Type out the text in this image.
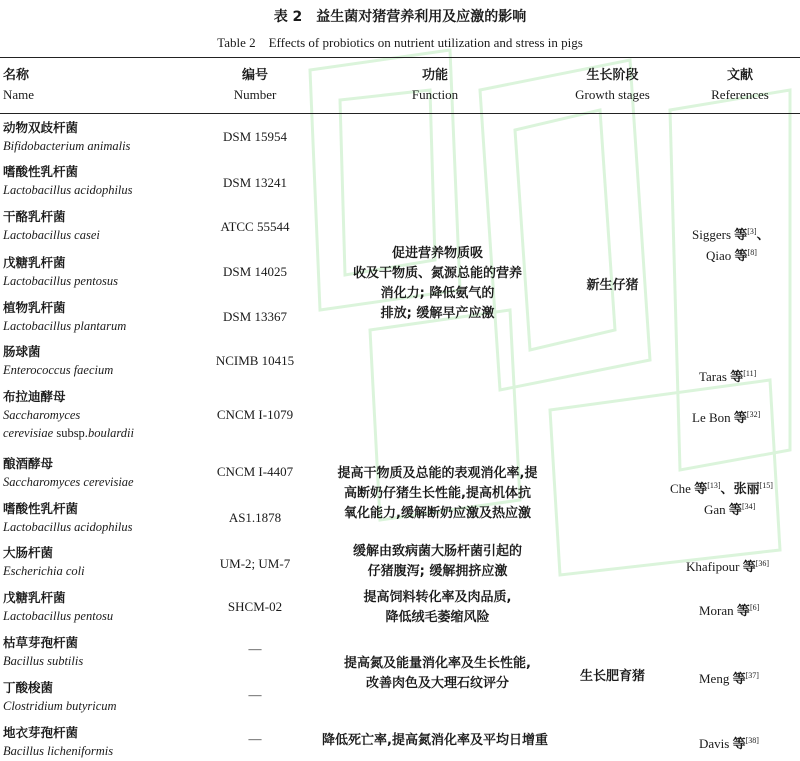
表 2　益生菌对猪营养利用及应激的影响
Table 2　Effects of probiotics on nutrient utilization and stress in pigs
名称
Name
编号
Number
功能
Function
生长阶段
Growth stages
文献
References
动物双歧杆菌
Bifidobacterium animalis
嗜酸性乳杆菌
Lactobacillus acidophilus
干酪乳杆菌
Lactobacillus casei
戊糖乳杆菌
Lactobacillus pentosus
植物乳杆菌
Lactobacillus plantarum
肠球菌
Enterococcus faecium
布拉迪酵母
Saccharomyces
cerevisiae subsp.boulardii
酿酒酵母
Saccharomyces cerevisiae
嗜酸性乳杆菌
Lactobacillus acidophilus
大肠杆菌
Escherichia coli
戊糖乳杆菌
Lactobacillus pentosu
枯草芽孢杆菌
Bacillus subtilis
丁酸梭菌
Clostridium butyricum
地衣芽孢杆菌
Bacillus licheniformis
DSM 15954
DSM 13241
ATCC 55544
DSM 14025
DSM 13367
NCIMB 10415
CNCM I-1079
CNCM I-4407
AS1.1878
UM-2; UM-7
SHCM-02
—
—
—
促进营养物质吸
收及干物质、氮源总能的营养
消化力; 降低氨气的
排放; 缓解早产应激
提高干物质及总能的表观消化率,提
高断奶仔猪生长性能,提高机体抗
氧化能力,缓解断奶应激及热应激
缓解由致病菌大肠杆菌引起的
仔猪腹泻; 缓解拥挤应激
提高饲料转化率及肉品质,
降低绒毛萎缩风险
提高氮及能量消化率及生长性能,
改善肉色及大理石纹评分
降低死亡率,提高氮消化率及平均日增重
新生仔猪
生长肥育猪
Siggers 等[3]、
Qiao 等[8]
Taras 等[11]
Le Bon 等[32]
Che 等[13]、张丽[15]
Gan 等[34]
Khafipour 等[36]
Moran 等[6]
Meng 等[37]
Davis 等[38]
